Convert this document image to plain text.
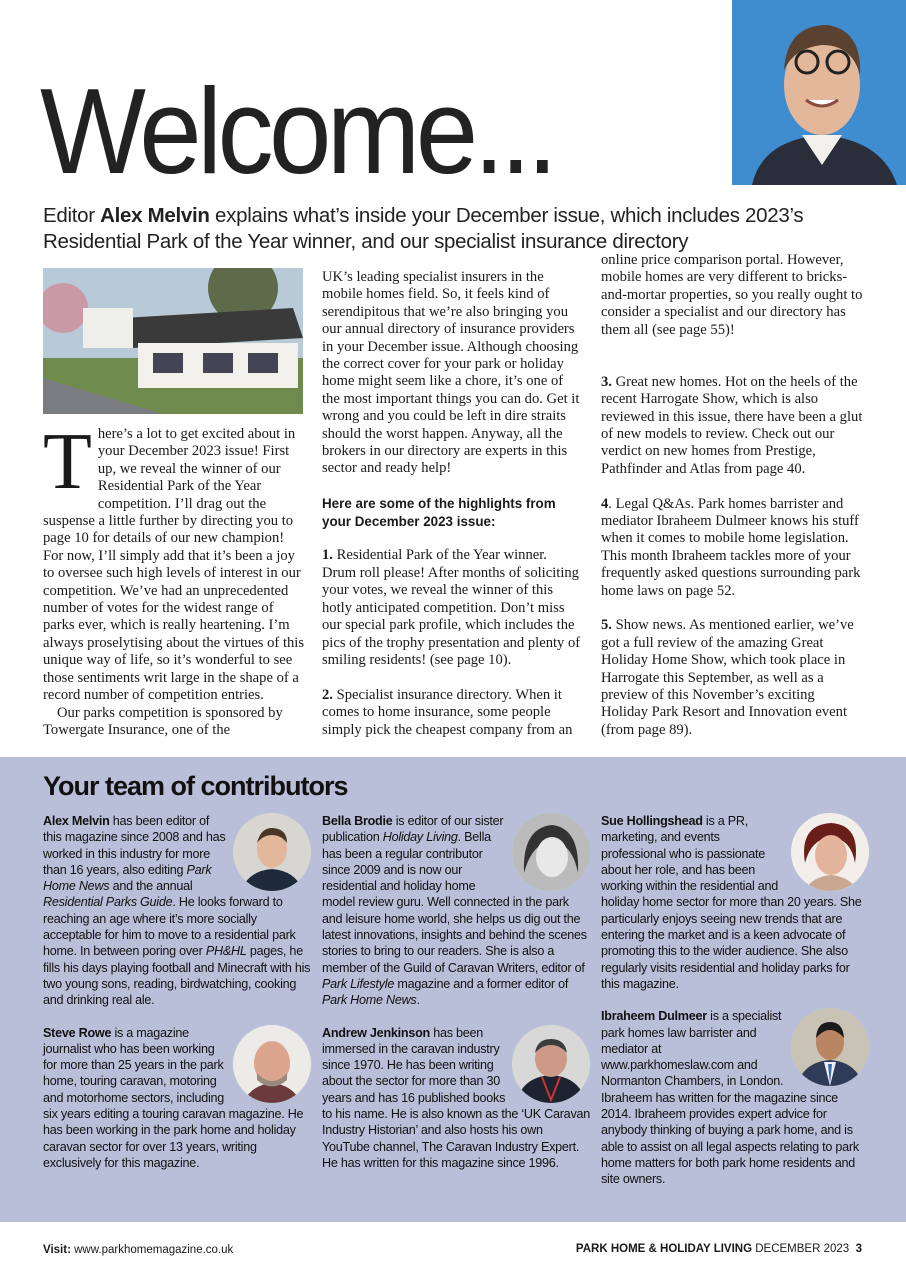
Welcome...
Editor Alex Melvin explains what’s inside your December issue, which includes 2023’s Residential Park of the Year winner, and our specialist insurance directory

There’s a lot to get excited about in your December 2023 issue! First up, we reveal the winner of our Residential Park of the Year competition. I’ll drag out the suspense a little further by directing you to page 10 for details of our new champion! For now, I’ll simply add that it’s been a joy to oversee such high levels of interest in our competition. We’ve had an unprecedented number of votes for the widest range of parks ever, which is really heartening. I’m always proselytising about the virtues of this unique way of life, so it’s wonderful to see those sentiments writ large in the shape of a record number of competition entries.

Our parks competition is sponsored by Towergate Insurance, one of the

UK’s leading specialist insurers in the mobile homes field. So, it feels kind of serendipitous that we’re also bringing you our annual directory of insurance providers in your December issue. Although choosing the correct cover for your park or holiday home might seem like a chore, it’s one of the most important things you can do. Get it wrong and you could be left in dire straits should the worst happen. Anyway, all the brokers in our directory are experts in this sector and ready help!

Here are some of the highlights from your December 2023 issue:

1. Residential Park of the Year winner. Drum roll please! After months of soliciting your votes, we reveal the winner of this hotly anticipated competition. Don’t miss our special park profile, which includes the pics of the trophy presentation and plenty of smiling residents! (see page 10).

2. Specialist insurance directory. When it comes to home insurance, some people simply pick the cheapest company from an

online price comparison portal. However, mobile homes are very different to bricks-and-mortar properties, so you really ought to consider a specialist and our directory has them all (see page 55)!

3. Great new homes. Hot on the heels of the recent Harrogate Show, which is also reviewed in this issue, there have been a glut of new models to review. Check out our verdict on new homes from Prestige, Pathfinder and Atlas from page 40.

4. Legal Q&As. Park homes barrister and mediator Ibraheem Dulmeer knows his stuff when it comes to mobile home legislation. This month Ibraheem tackles more of your frequently asked questions surrounding park home laws on page 52.

5. Show news. As mentioned earlier, we’ve got a full review of the amazing Great Holiday Home Show, which took place in Harrogate this September, as well as a preview of this November’s exciting Holiday Park Resort and Innovation event (from page 89).

Your team of contributors
Alex Melvin has been editor of this magazine since 2008 and has worked in this industry for more than 16 years, also editing Park Home News and the annual Residential Parks Guide. He looks forward to reaching an age where it’s more socially acceptable for him to move to a residential park home. In between poring over PH&HL pages, he fills his days playing football and Minecraft with his two young sons, reading, birdwatching, cooking and drinking real ale.
Steve Rowe is a magazine journalist who has been working for more than 25 years in the park home, touring caravan, motoring and motorhome sectors, including six years editing a touring caravan magazine. He has been working in the park home and holiday caravan sector for over 13 years, writing exclusively for this magazine.
Bella Brodie is editor of our sister publication Holiday Living. Bella has been a regular contributor since 2009 and is now our residential and holiday home model review guru. Well connected in the park and leisure home world, she helps us dig out the latest innovations, insights and behind the scenes stories to bring to our readers. She is also a member of the Guild of Caravan Writers, editor of Park Lifestyle magazine and a former editor of Park Home News.
Andrew Jenkinson has been immersed in the caravan industry since 1970. He has been writing about the sector for more than 30 years and has 16 published books to his name. He is also known as the ‘UK Caravan Industry Historian’ and also hosts his own YouTube channel, The Caravan Industry Expert. He has written for this magazine since 1996.
Sue Hollingshead is a PR, marketing, and events professional who is passionate about her role, and has been working within the residential and holiday home sector for more than 20 years. She particularly enjoys seeing new trends that are entering the market and is a keen advocate of promoting this to the wider audience. She also regularly visits residential and holiday parks for this magazine.
Ibraheem Dulmeer is a specialist park homes law barrister and mediator at www.parkhomeslaw.com and Normanton Chambers, in London. Ibraheem has written for the magazine since 2014. Ibraheem provides expert advice for anybody thinking of buying a park home, and is able to assist on all legal aspects relating to park home matters for both park home residents and site owners.
Visit: www.parkhomemagazine.co.uk	PARK HOME & HOLIDAY LIVING DECEMBER 2023 3
